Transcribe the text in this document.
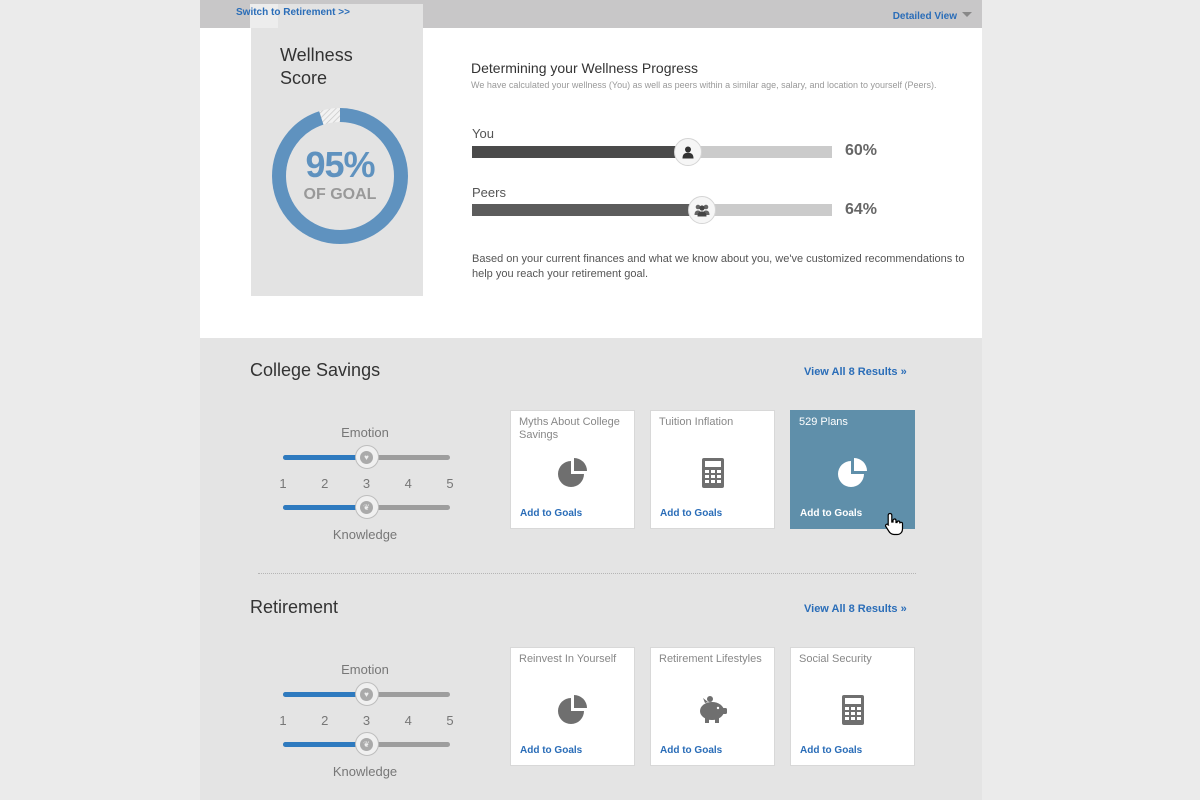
Switch to Retirement >>	Detailed View
Wellness
Score
95%
OF GOAL
Determining your Wellness Progress
We have calculated your wellness (You) as well as peers within a similar age, salary, and location to yourself (Peers).
You
60%
Peers
64%
Based on your current finances and what we know about you, we've customized recommendations to help you reach your retirement goal.
College Savings	View All 8 Results »
Emotion
♥
1	2	3	4	5
❦
Knowledge
Myths About College Savings
Add to Goals
Tuition Inflation
Add to Goals
529 Plans
Add to Goals
Retirement	View All 8 Results »
Emotion
♥
1	2	3	4	5
❦
Knowledge
Reinvest In Yourself
Add to Goals
Retirement Lifestyles
Add to Goals
Social Security
Add to Goals
